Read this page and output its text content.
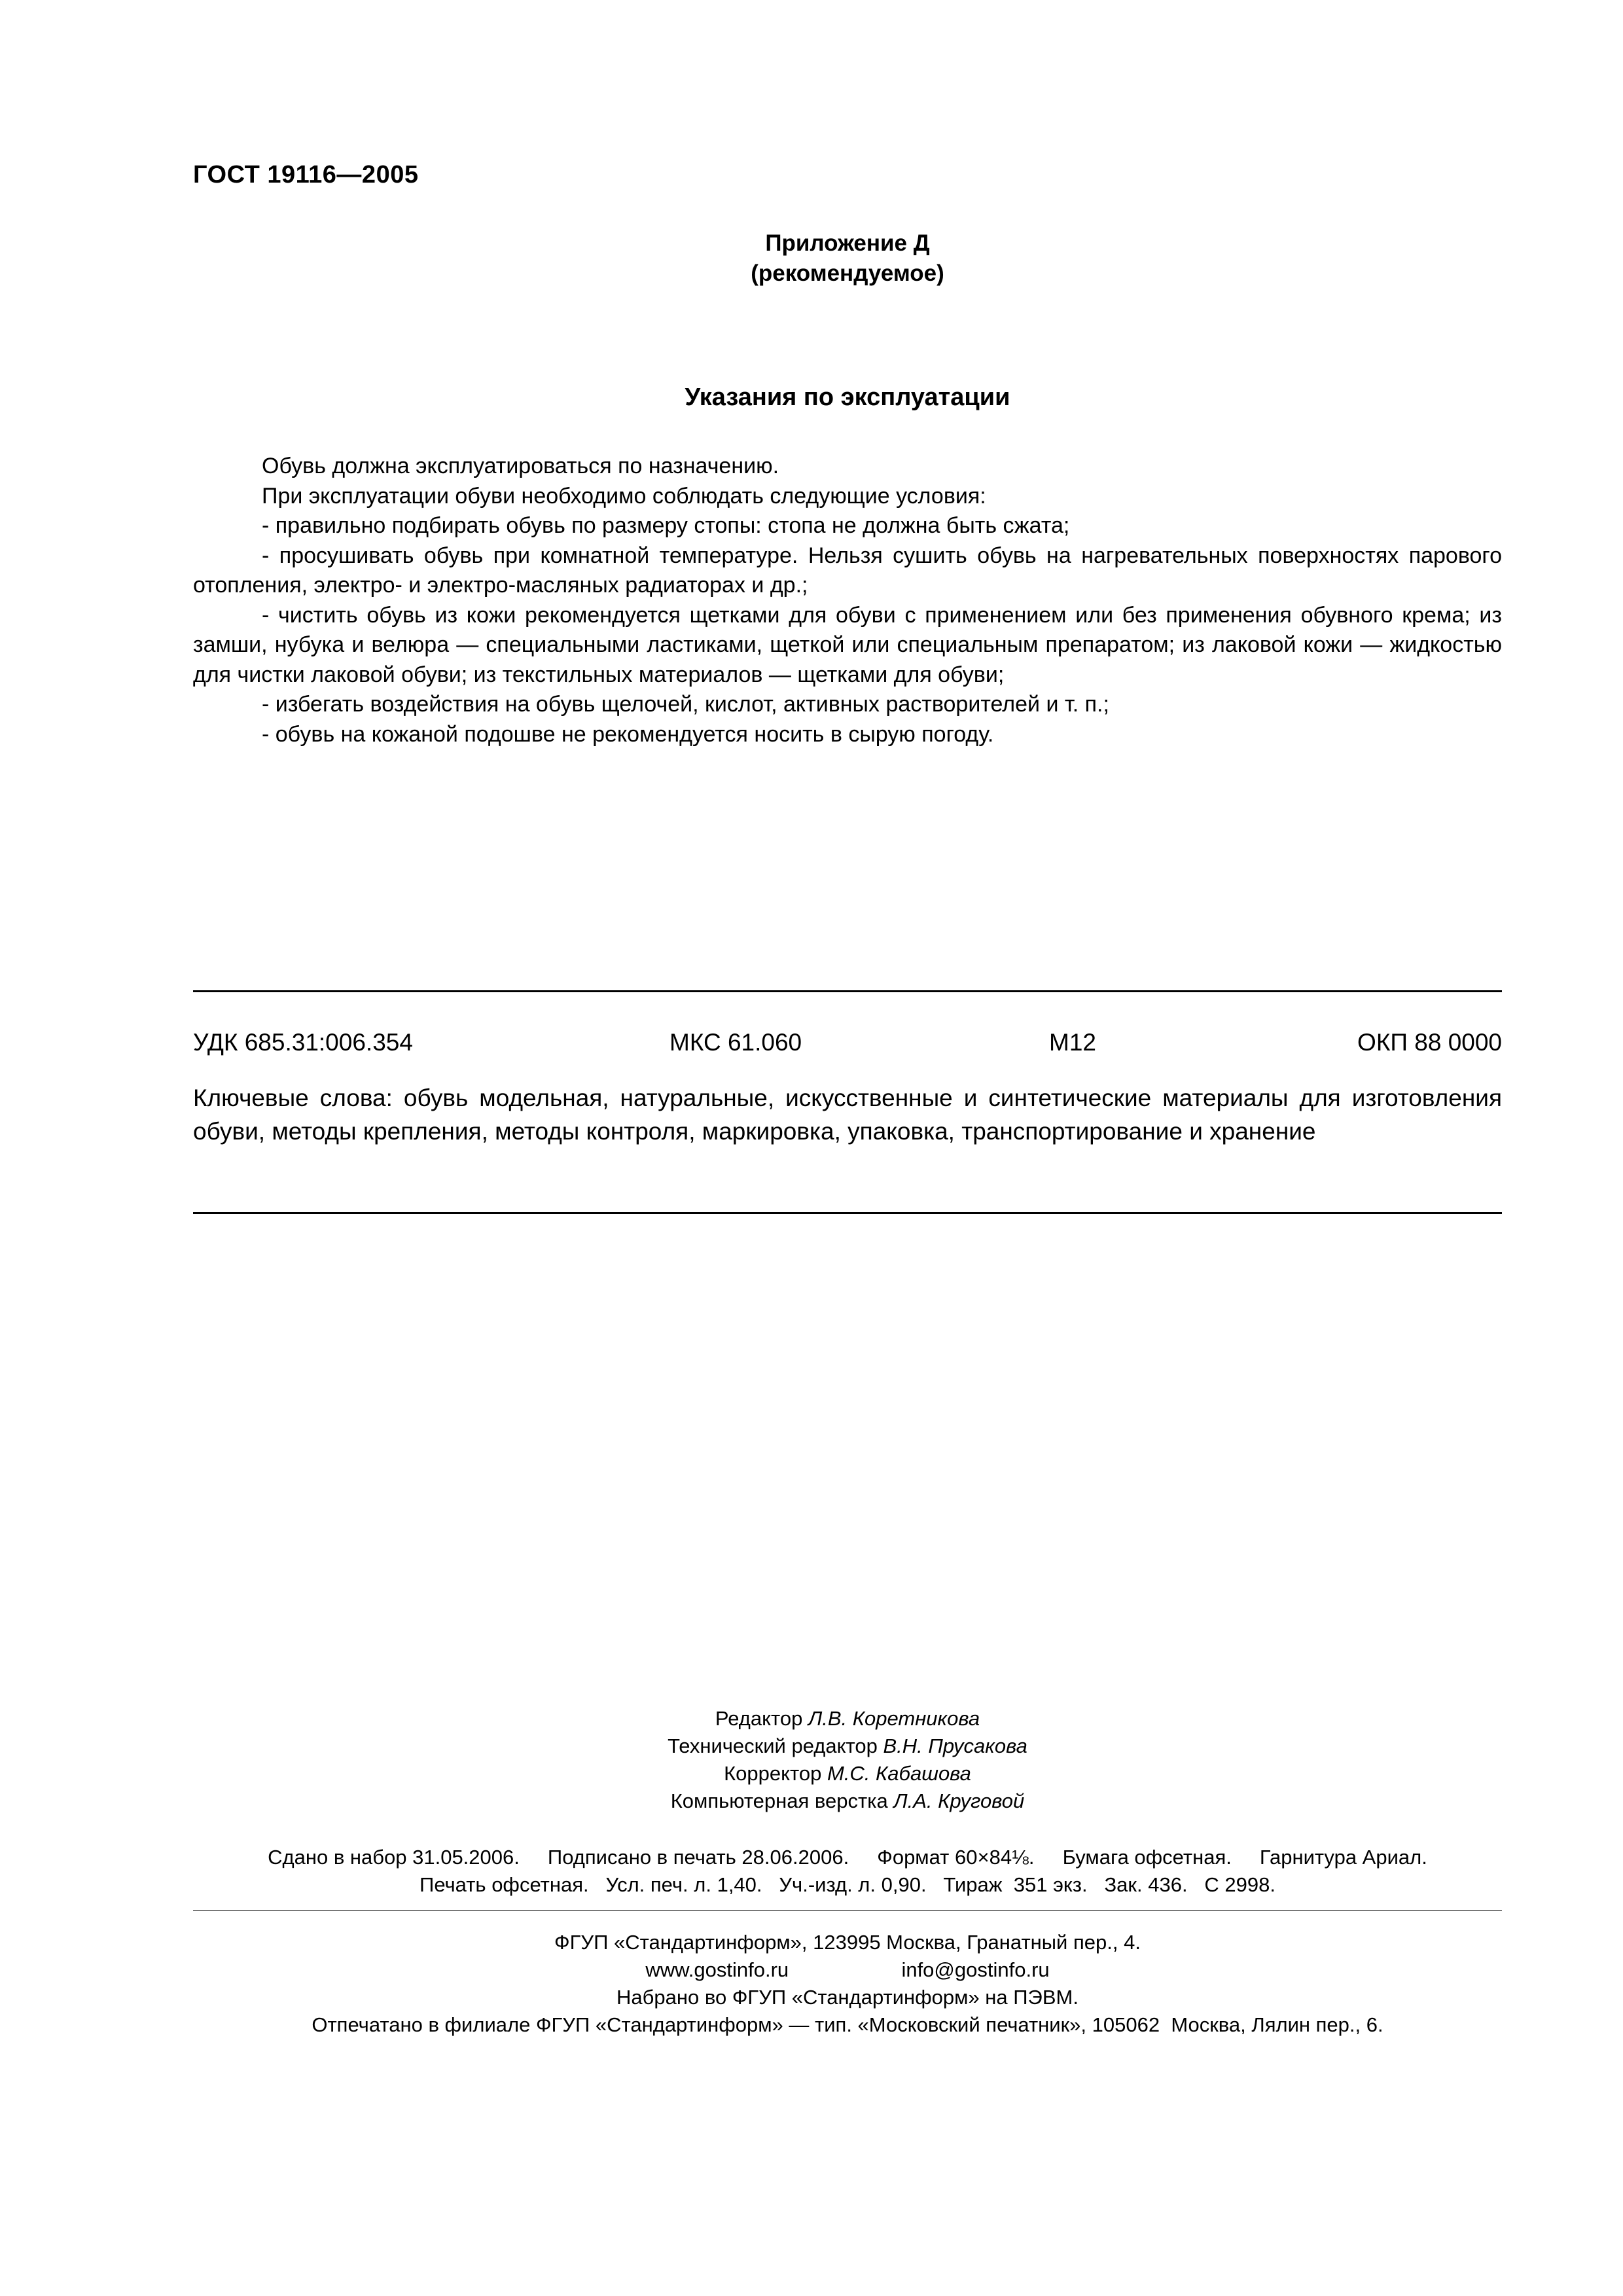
ГОСТ 19116—2005
Приложение Д
(рекомендуемое)
Указания по эксплуатации

Обувь должна эксплуатироваться по назначению.

При эксплуатации обуви необходимо соблюдать следующие условия:

- правильно подбирать обувь по размеру стопы: стопа не должна быть сжата;

- просушивать обувь при комнатной температуре. Нельзя сушить обувь на нагревательных поверхностях парового отопления, электро- и электро-масляных радиаторах и др.;

- чистить обувь из кожи рекомендуется щетками для обуви с применением или без применения обувного крема; из замши, нубука и велюра — специальными ластиками, щеткой или специальным препаратом; из лаковой кожи — жидкостью для чистки лаковой обуви; из текстильных материалов — щетками для обуви;

- избегать воздействия на обувь щелочей, кислот, активных растворителей и т. п.;

- обувь на кожаной подошве не рекомендуется носить в сырую погоду.

УДК 685.31:006.354	МКС 61.060	М12	ОКП 88 0000

Ключевые слова: обувь модельная, натуральные, искусственные и синтетические материалы для изготовления обуви, методы крепления, методы контроля, маркировка, упаковка, транспортирование и хранение

Редактор Л.В. Коретникова
Технический редактор В.Н. Прусакова
Корректор М.С. Кабашова
Компьютерная верстка Л.А. Круговой
Сдано в набор 31.05.2006.     Подписано в печать 28.06.2006.     Формат 60×84⅛.     Бумага офсетная.     Гарнитура Ариал.
Печать офсетная.   Усл. печ. л. 1,40.   Уч.-изд. л. 0,90.   Тираж  351 экз.   Зак. 436.   С 2998.
ФГУП «Стандартинформ», 123995 Москва, Гранатный пер., 4.
www.gostinfo.ru	info@gostinfo.ru
Набрано во ФГУП «Стандартинформ» на ПЭВМ.
Отпечатано в филиале ФГУП «Стандартинформ» — тип. «Московский печатник», 105062  Москва, Лялин пер., 6.
